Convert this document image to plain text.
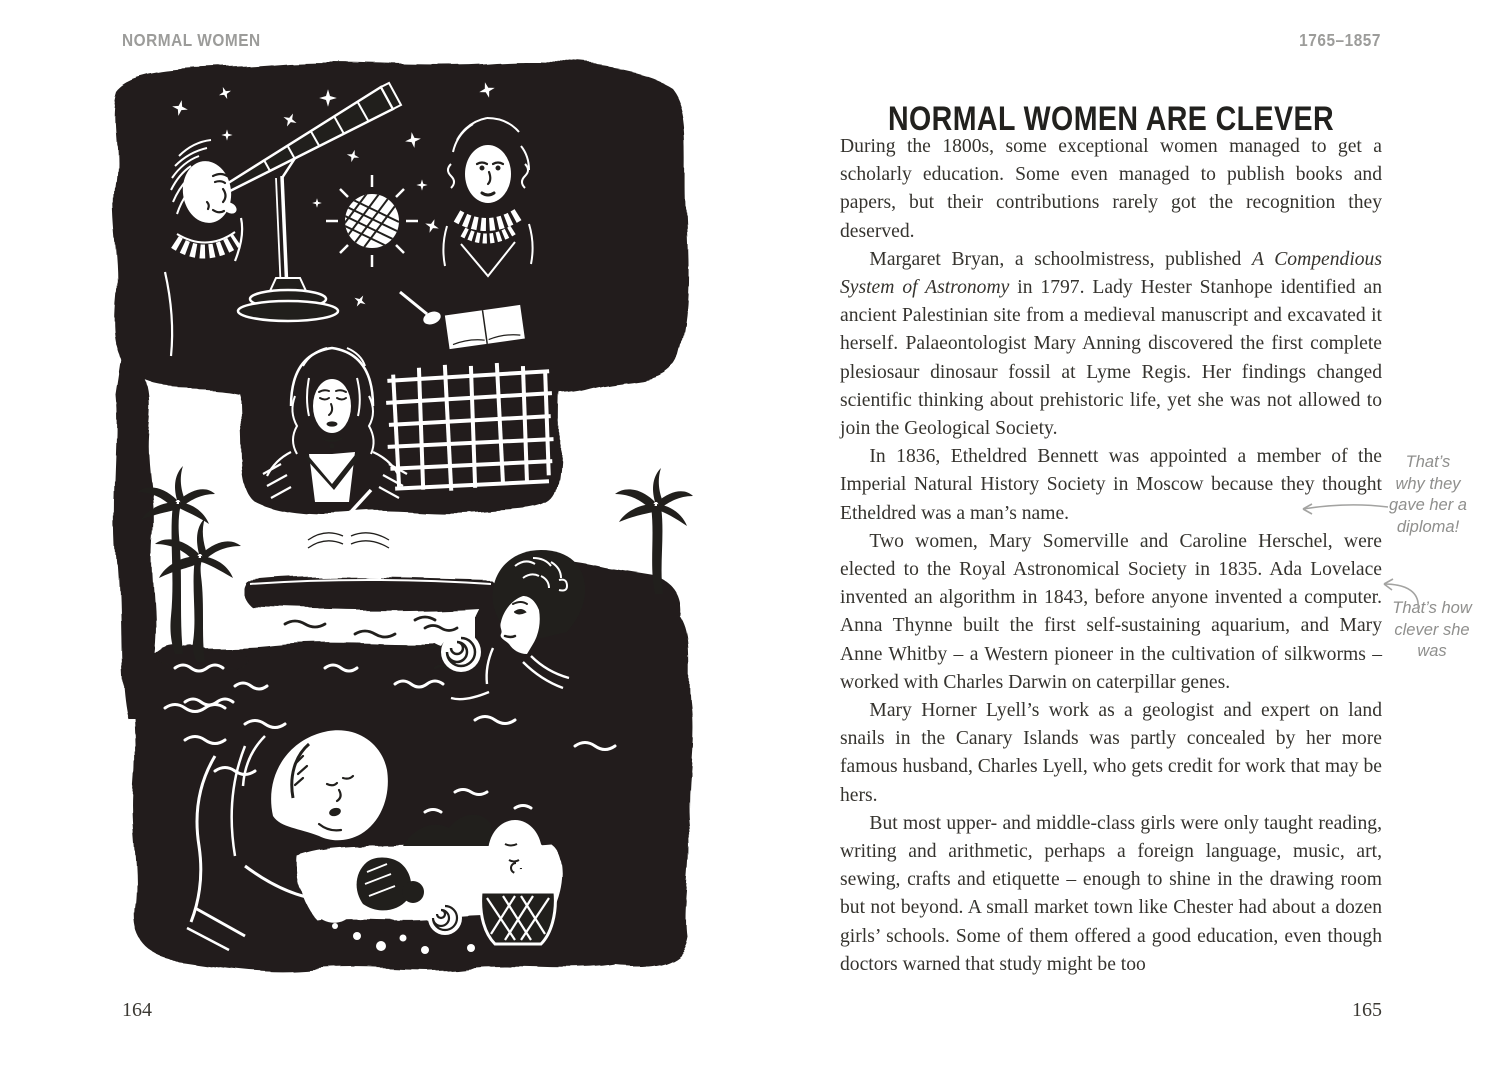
NORMAL WOMEN
164
1765–1857
NORMAL WOMEN ARE CLEVER

During the 1800s, some exceptional women managed to get a scholarly education. Some even managed to publish books and papers, but their contributions rarely got the recognition they deserved.

Margaret Bryan, a schoolmistress, published A Compendious System of Astronomy in 1797. Lady Hester Stanhope identified an ancient Palestinian site from a medieval manuscript and excavated it herself. Palaeontologist Mary Anning discovered the first complete plesiosaur dinosaur fossil at Lyme Regis. Her findings changed scientific thinking about prehistoric life, yet she was not allowed to join the Geological Society.

In 1836, Etheldred Bennett was appointed a member of the Imperial Natural History Society in Moscow because they thought Etheldred was a man’s name.

Two women, Mary Somerville and Caroline Herschel, were elected to the Royal Astronomical Society in 1835. Ada Lovelace invented an algorithm in 1843, before anyone invented a computer. Anna Thynne built the first self-sustaining aquarium, and Mary Anne Whitby – a Western pioneer in the cultivation of silkworms – worked with Charles Darwin on caterpillar genes.

Mary Horner Lyell’s work as a geologist and expert on land snails in the Canary Islands was partly concealed by her more famous husband, Charles Lyell, who gets credit for work that may be hers.

But most upper- and middle-class girls were only taught reading, writing and arithmetic, perhaps a foreign language, music, art, sewing, crafts and etiquette – enough to shine in the drawing room but not beyond. A small market town like Chester had about a dozen girls’ schools. Some of them offered a good education, even though doctors warned that study might be too

That’s
why they
gave her a
diploma!
That’s how
clever she
was
165
